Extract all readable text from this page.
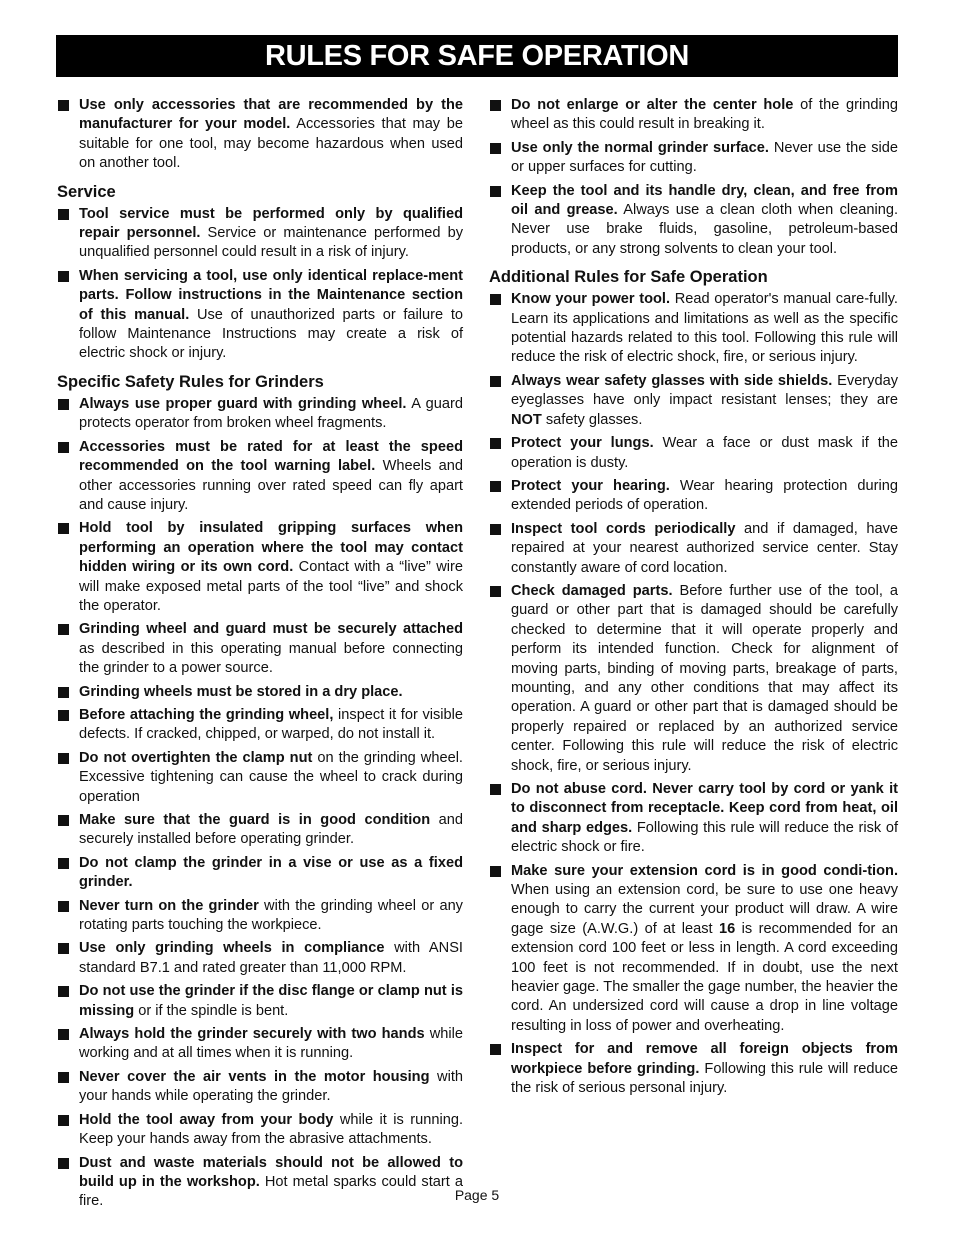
RULES FOR SAFE OPERATION
Use only accessories that are recommended by the manufacturer for your model. Accessories that may be suitable for one tool, may become hazardous when used on another tool.
Service
Tool service must be performed only by qualified repair personnel. Service or maintenance performed by unqualified personnel could result in a risk of injury.
When servicing a tool, use only identical replace-ment parts. Follow instructions in the Maintenance section of this manual. Use of unauthorized parts or failure to follow Maintenance Instructions may create a risk of electric shock or injury.
Specific Safety Rules for Grinders
Always use proper guard with grinding wheel. A guard protects operator from broken wheel fragments.
Accessories must be rated for at least the speed recommended on the tool warning label. Wheels and other accessories running over rated speed can fly apart and cause injury.
Hold tool by insulated gripping surfaces when performing an operation where the tool may contact hidden wiring or its own cord. Contact with a “live” wire will make exposed metal parts of the tool “live” and shock the operator.
Grinding wheel and guard must be securely attached as described in this operating manual before connecting the grinder to a power source.
Grinding wheels must be stored in a dry place.
Before attaching the grinding wheel, inspect it for visible defects. If cracked, chipped, or warped, do not install it.
Do not overtighten the clamp nut on the grinding wheel. Excessive tightening can cause the wheel to crack during operation
Make sure that the guard is in good condition and securely installed before operating grinder.
Do not clamp the grinder in a vise or use as a fixed grinder.
Never turn on the grinder with the grinding wheel or any rotating parts touching the workpiece.
Use only grinding wheels in compliance with ANSI standard B7.1 and rated greater than 11,000 RPM.
Do not use the grinder if the disc flange or clamp nut is missing or if the spindle is bent.
Always hold the grinder securely with two hands while working and at all times when it is running.
Never cover the air vents in the motor housing with your hands while operating the grinder.
Hold the tool away from your body while it is running. Keep your hands away from the abrasive attachments.
Dust and waste materials should not be allowed to build up in the workshop. Hot metal sparks could start a fire.
Do not enlarge or alter the center hole of the grinding wheel as this could result in breaking it.
Use only the normal grinder surface. Never use the side or upper surfaces for cutting.
Keep the tool and its handle dry, clean, and free from oil and grease. Always use a clean cloth when cleaning. Never use brake fluids, gasoline, petroleum-based products, or any strong solvents to clean your tool.
Additional Rules for Safe Operation
Know your power tool. Read operator's manual care-fully. Learn its applications and limitations as well as the specific potential hazards related to this tool. Following this rule will reduce the risk of electric shock, fire, or serious injury.
Always wear safety glasses with side shields. Everyday eyeglasses have only impact resistant lenses; they are NOT safety glasses.
Protect your lungs. Wear a face or dust mask if the operation is dusty.
Protect your hearing. Wear hearing protection during extended periods of operation.
Inspect tool cords periodically and if damaged, have repaired at your nearest authorized service center. Stay constantly aware of cord location.
Check damaged parts. Before further use of the tool, a guard or other part that is damaged should be carefully checked to determine that it will operate properly and perform its intended function. Check for alignment of moving parts, binding of moving parts, breakage of parts, mounting, and any other conditions that may affect its operation. A guard or other part that is damaged should be properly repaired or replaced by an authorized service center. Following this rule will reduce the risk of electric shock, fire, or serious injury.
Do not abuse cord. Never carry tool by cord or yank it to disconnect from receptacle. Keep cord from heat, oil and sharp edges. Following this rule will reduce the risk of electric shock or fire.
Make sure your extension cord is in good condi-tion. When using an extension cord, be sure to use one heavy enough to carry the current your product will draw. A wire gage size (A.W.G.) of at least 16 is recommended for an extension cord 100 feet or less in length. A cord exceeding 100 feet is not recommended. If in doubt, use the next heavier gage. The smaller the gage number, the heavier the cord. An undersized cord will cause a drop in line voltage resulting in loss of power and overheating.
Inspect for and remove all foreign objects from workpiece before grinding. Following this rule will reduce the risk of serious personal injury.
Page 5
